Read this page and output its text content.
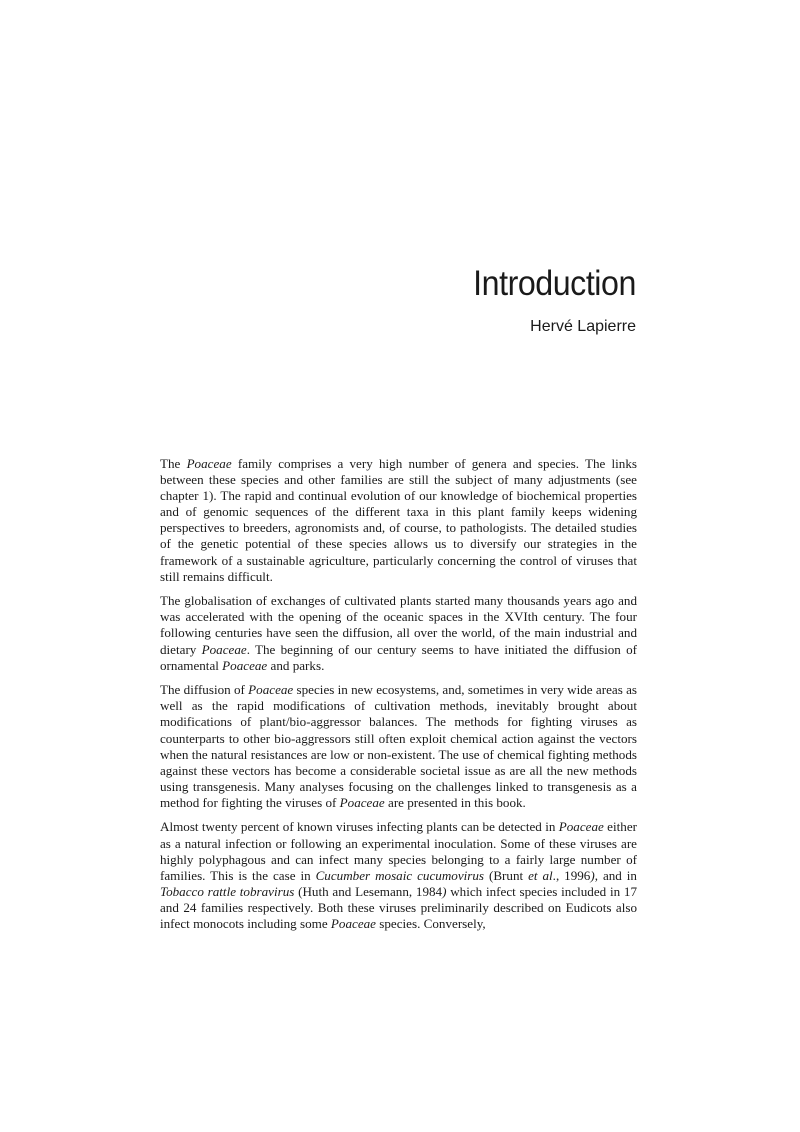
Introduction
Hervé Lapierre

The Poaceae family comprises a very high number of genera and species. The links between these species and other families are still the subject of many adjustments (see chapter 1). The rapid and continual evolution of our knowledge of biochemical properties and of genomic sequences of the different taxa in this plant family keeps widening perspectives to breeders, agronomists and, of course, to pathologists. The detailed studies of the genetic potential of these species allows us to diversify our strategies in the framework of a sustainable agriculture, particularly concerning the control of viruses that still remains difficult.

The globalisation of exchanges of cultivated plants started many thousands years ago and was accelerated with the opening of the oceanic spaces in the XVIth century. The four following centuries have seen the diffusion, all over the world, of the main industrial and dietary Poaceae. The beginning of our century seems to have initiated the diffusion of ornamental Poaceae and parks.

The diffusion of Poaceae species in new ecosystems, and, sometimes in very wide areas as well as the rapid modifications of cultivation methods, inevitably brought about modifications of plant/bio-aggressor balances. The methods for fighting viruses as counterparts to other bio-aggressors still often exploit chemical action against the vectors when the natural resistances are low or non-existent. The use of chemical fighting methods against these vectors has become a considerable societal issue as are all the new methods using transgenesis. Many analyses focusing on the challenges linked to transgenesis as a method for fighting the viruses of Poaceae are presented in this book.

Almost twenty percent of known viruses infecting plants can be detected in Poaceae either as a natural infection or following an experimental inoculation. Some of these viruses are highly polyphagous and can infect many species belonging to a fairly large number of families. This is the case in Cucumber mosaic cucumovirus (Brunt et al., 1996), and in Tobacco rattle tobravirus (Huth and Lesemann, 1984) which infect species included in 17 and 24 families respectively. Both these viruses preliminarily described on Eudicots also infect monocots including some Poaceae species. Conversely,
